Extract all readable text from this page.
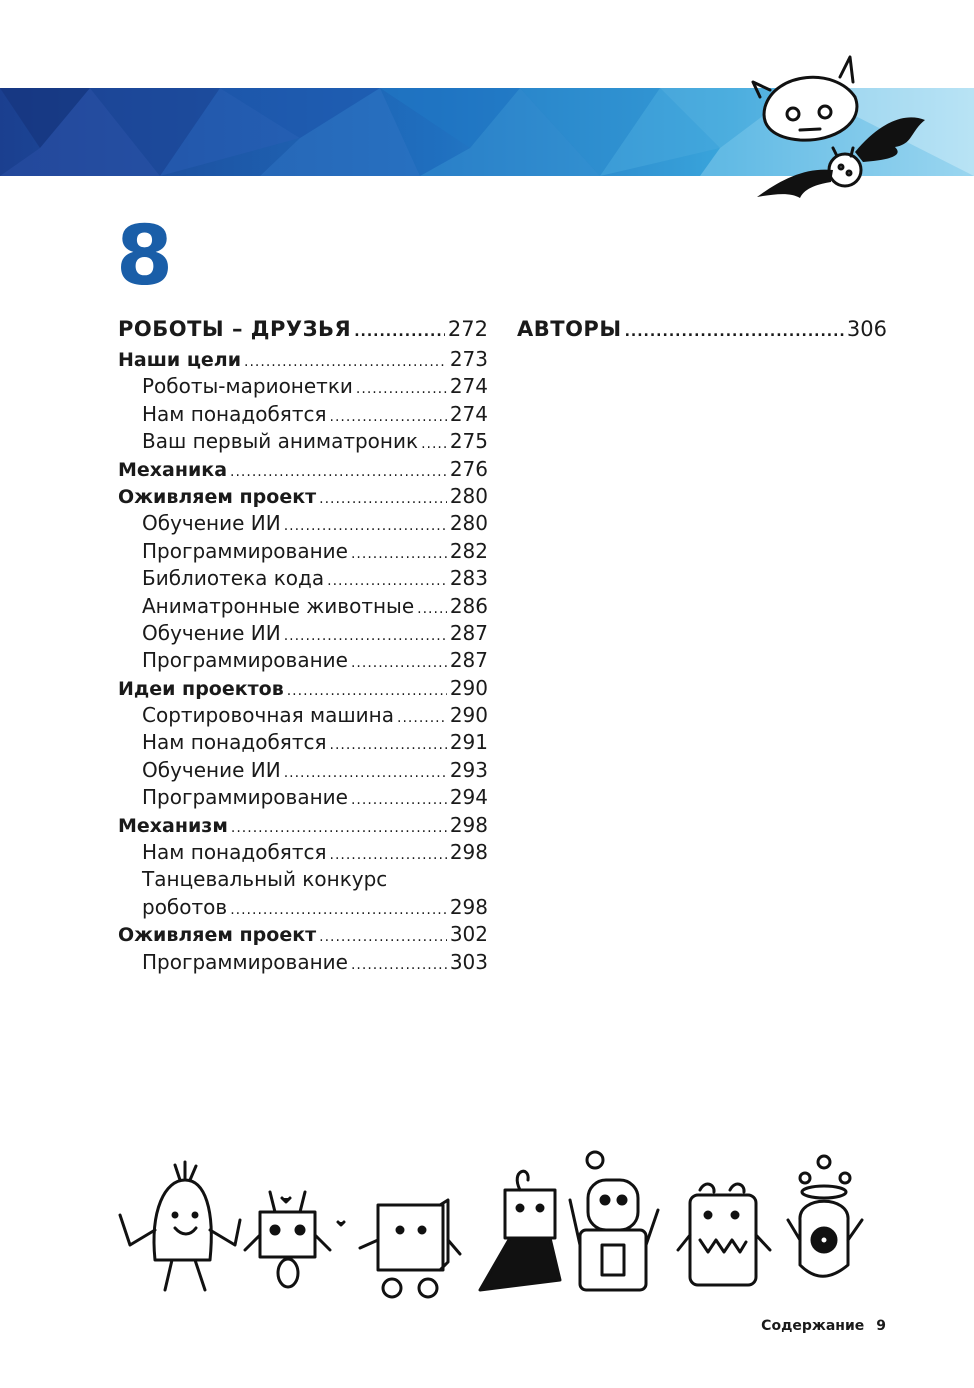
8
РОБОТЫ – ДРУЗЬЯ .....	272
Наши цели .....	273
Роботы-марионетки .....	274
Нам понадобятся .....	274
Ваш первый аниматроник ..... 275
Механика .....	276
Оживляем проект .....	280
Обучение ИИ .....	280
Программирование .....	282
Библиотека кода .....	283
Аниматронные животные ..... 286
Обучение ИИ .....	287
Программирование .....	287
Идеи проектов .....	290
Сортировочная машина .....	290
Нам понадобятся .....	291
Обучение ИИ .....	293
Программирование .....	294
Механизм .....	298
Нам понадобятся .....	298
Танцевальный конкурс
роботов .....	298
Оживляем проект .....	302
Программирование .....	303
АВТОРЫ .....	306
Содержание 9
